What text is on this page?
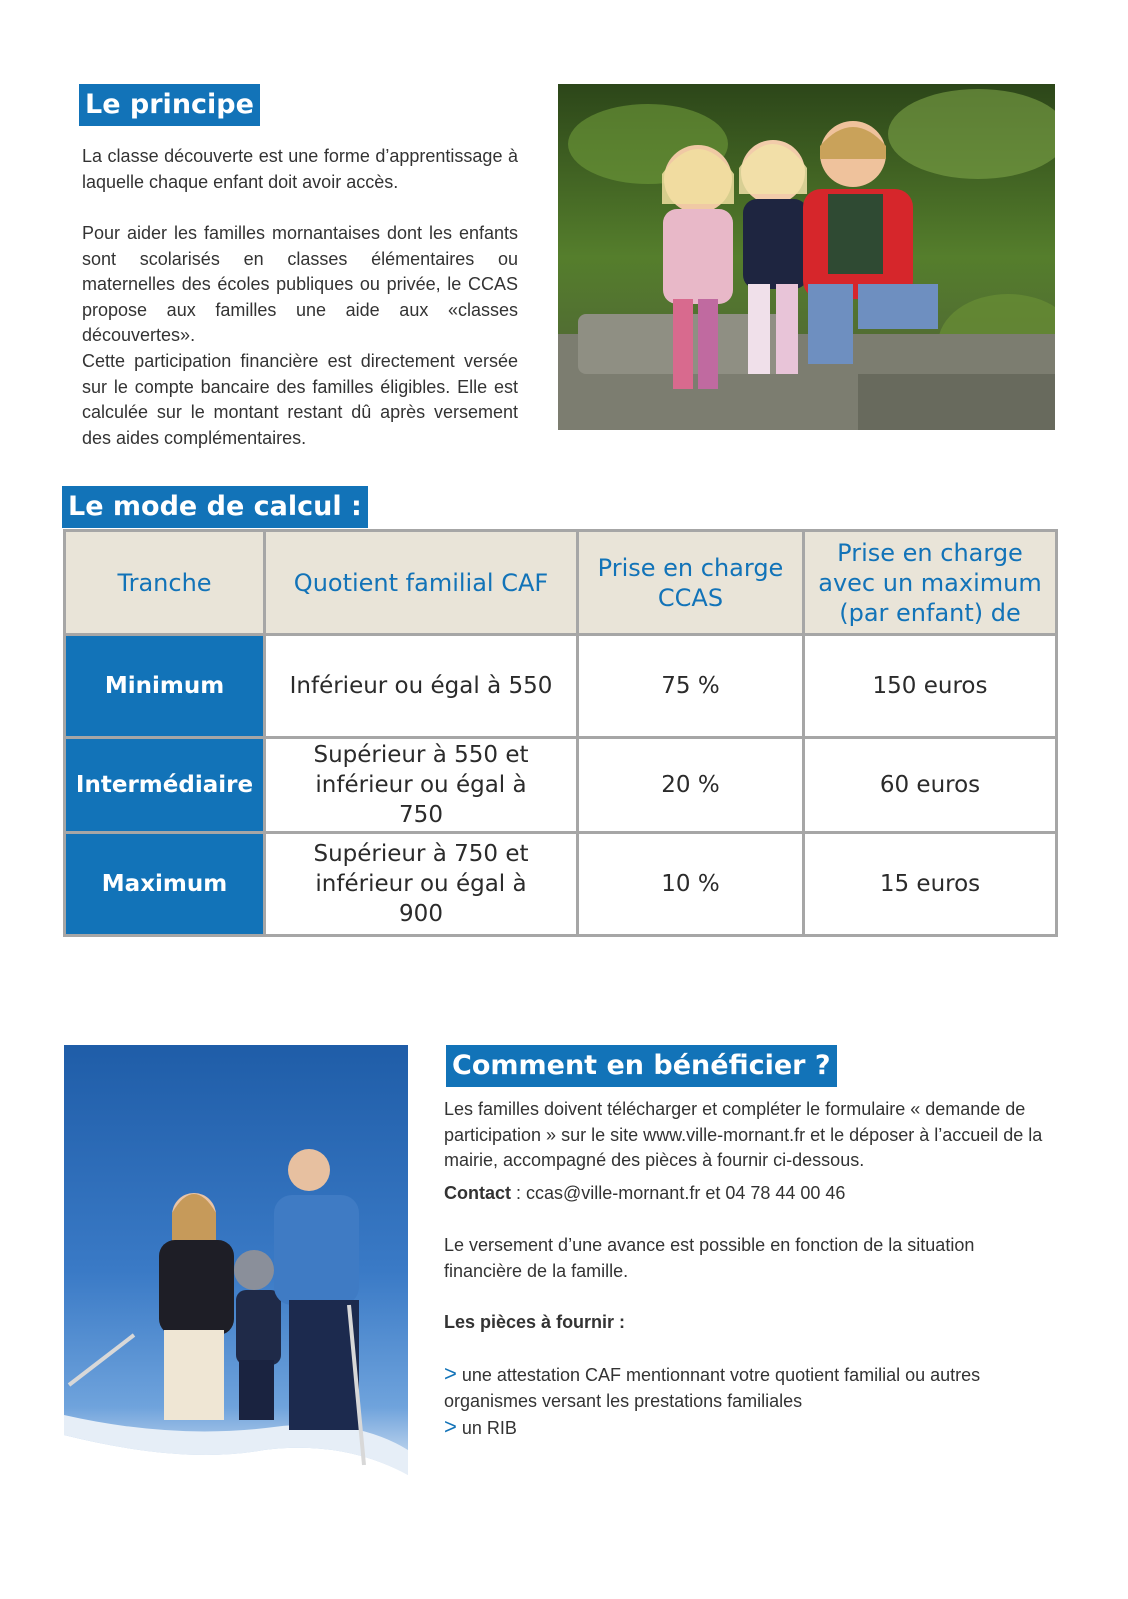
Le principe

La classe découverte est une forme d’apprentissage à laquelle chaque enfant doit avoir accès.

Pour aider les familles mornantaises dont les enfants sont scolarisés en classes élémentaires ou maternelles des écoles publiques ou privée, le CCAS propose aux familles une aide aux «classes découvertes».

Cette participation financière est directement versée sur le compte bancaire des familles éligibles. Elle est calculée sur le montant restant dû après versement des aides complémentaires.

Le mode de calcul :
Tranche	Quotient familial CAF	Prise en charge CCAS	Prise en charge avec un maximum (par enfant) de
Minimum	Inférieur ou égal à 550	75 %	150 euros
Intermédiaire	Supérieur à 550 et inférieur ou égal à 750	20 %	60 euros
Maximum	Supérieur à 750 et inférieur ou égal à 900	10 %	15 euros
Comment en bénéficier ?

Les familles doivent télécharger et compléter le formulaire « demande de participation » sur le site www.ville-mornant.fr et le déposer à l’accueil de la mairie, accompagné des pièces à fournir ci-dessous.

Contact : ccas@ville-mornant.fr et 04 78 44 00 46

Le versement d’une avance est possible en fonction de la situation financière de la famille.

Les pièces à fournir :

> une attestation CAF mentionnant votre quotient familial ou autres organismes versant les prestations familiales
> un RIB
